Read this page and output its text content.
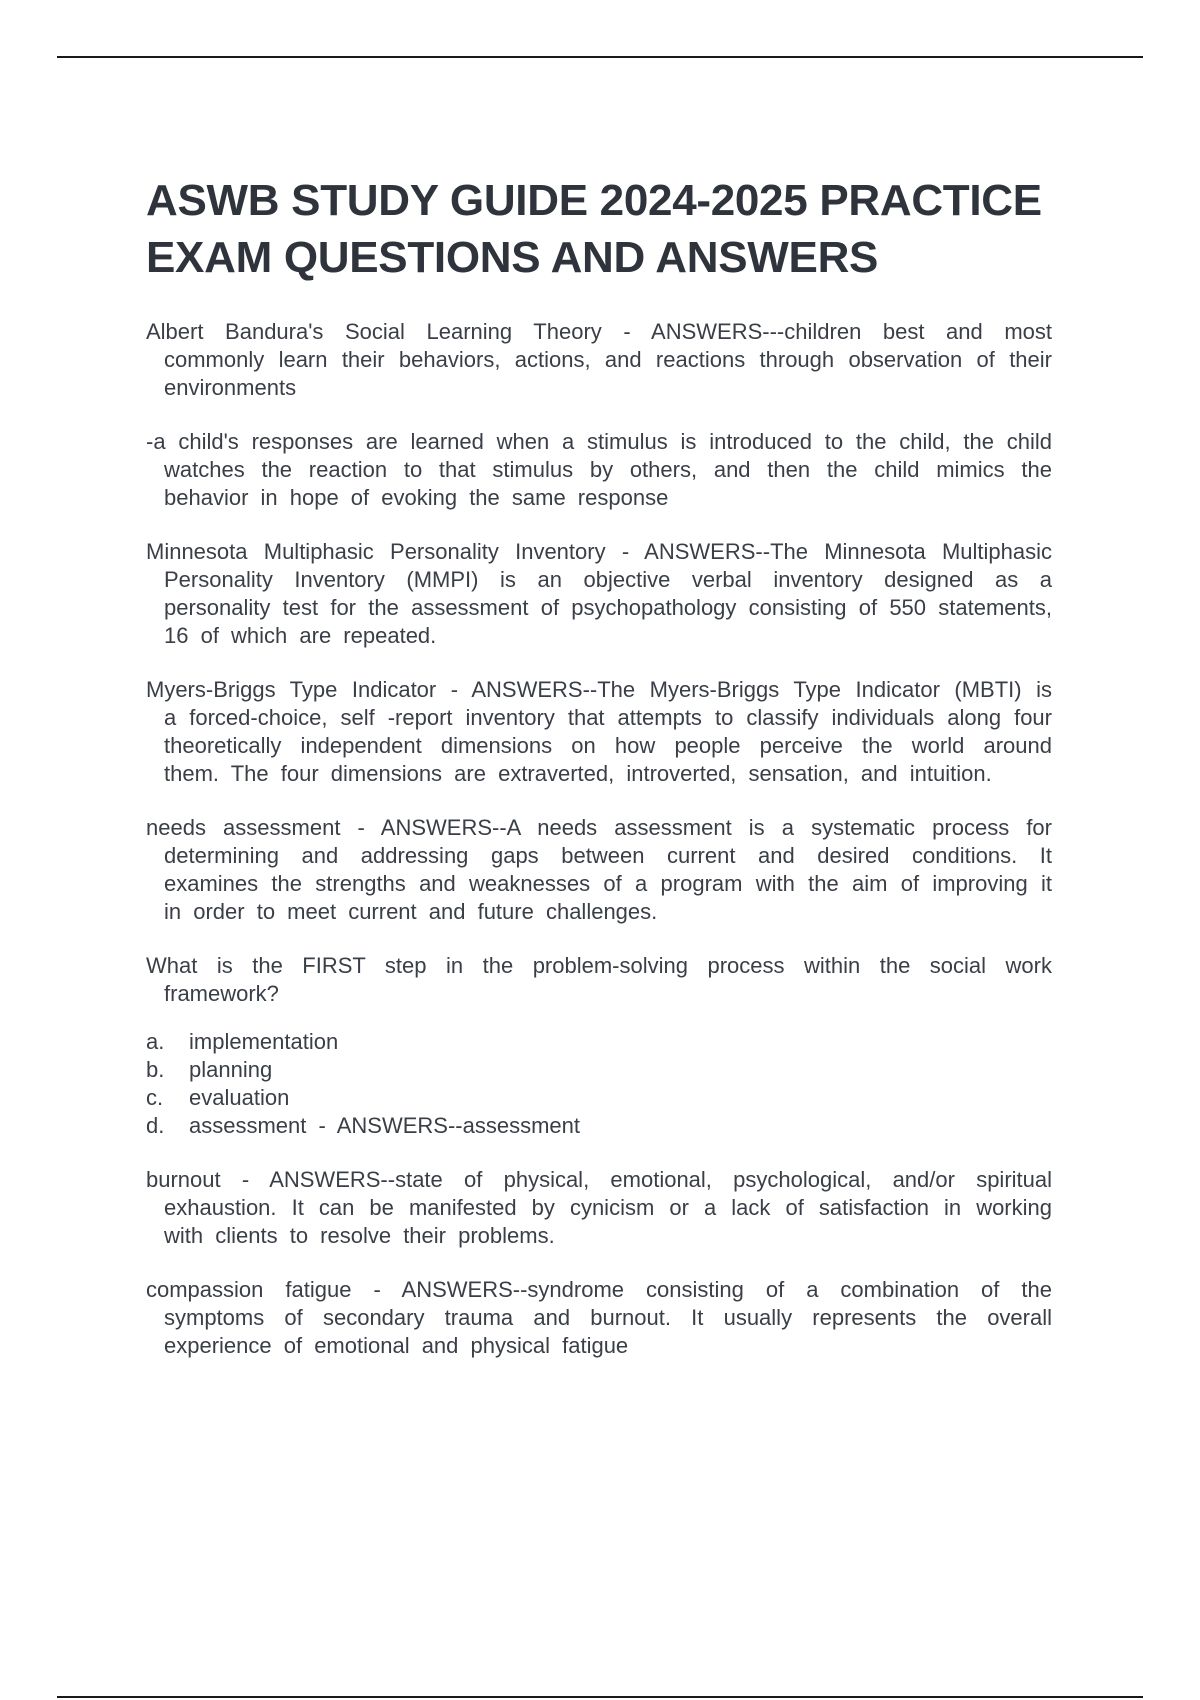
ASWB STUDY GUIDE 2024-2025 PRACTICE EXAM QUESTIONS AND ANSWERS

Albert Bandura's Social Learning Theory - ANSWERS---children best and most commonly learn their behaviors, actions, and reactions through observation of their environments

-a child's responses are learned when a stimulus is introduced to the child, the child watches the reaction to that stimulus by others, and then the child mimics the behavior in hope of evoking the same response

Minnesota Multiphasic Personality Inventory - ANSWERS--The Minnesota Multiphasic Personality Inventory (MMPI) is an objective verbal inventory designed as a personality test for the assessment of psychopathology consisting of 550 statements, 16 of which are repeated.

Myers-Briggs Type Indicator - ANSWERS--The Myers-Briggs Type Indicator (MBTI) is a forced-choice, self -report inventory that attempts to classify individuals along four theoretically independent dimensions on how people perceive the world around them. The four dimensions are extraverted, introverted, sensation, and intuition.

needs assessment - ANSWERS--A needs assessment is a systematic process for determining and addressing gaps between current and desired conditions. It examines the strengths and weaknesses of a program with the aim of improving it in order to meet current and future challenges.

What is the FIRST step in the problem-solving process within the social work framework?

a. implementation
b. planning
c. evaluation
d. assessment - ANSWERS--assessment

burnout - ANSWERS--state of physical, emotional, psychological, and/or spiritual exhaustion. It can be manifested by cynicism or a lack of satisfaction in working with clients to resolve their problems.

compassion fatigue - ANSWERS--syndrome consisting of a combination of the symptoms of secondary trauma and burnout. It usually represents the overall experience of emotional and physical fatigue
